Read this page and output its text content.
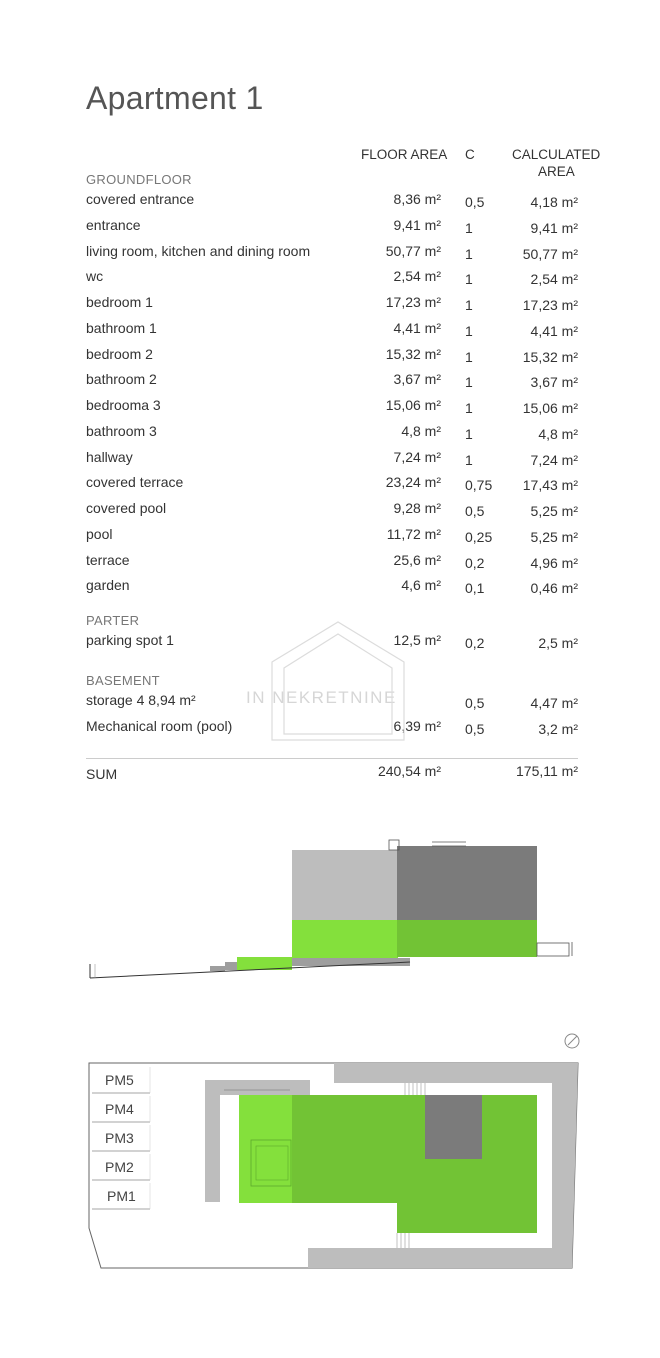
Apartment 1
FLOOR AREA C	CALCULATED
AREA
GROUNDFLOOR
PARTER
BASEMENT
covered entrance	8,36 m² 0,5	4,18 m²
entrance	9,41 m² 1	9,41 m²
living room, kitchen and dining room	50,77 m² 1	50,77 m²
wc	2,54 m² 1	2,54 m²
bedroom 1	17,23 m² 1	17,23 m²
bathroom 1	4,41 m² 1	4,41 m²
bedroom 2	15,32 m² 1	15,32 m²
bathroom 2	3,67 m² 1	3,67 m²
bedrooma 3	15,06 m² 1	15,06 m²
bathroom 3	4,8 m² 1	4,8 m²
hallway	7,24 m² 1	7,24 m²
covered terrace	23,24 m² 0,75 17,43 m²
covered pool	9,28 m² 0,5	5,25 m²
pool	11,72 m² 0,25	5,25 m²
terrace	25,6 m² 0,2	4,96 m²
garden	4,6 m² 0,1	0,46 m²
parking spot 1	12,5 m² 0,2	2,5 m²
storage 4 8,94 m²	0,5	4,47 m²
Mechanical room (pool)	6,39 m² 0,5	3,2 m²
IN NEKRETNINE
SUM	240,54 m²	175,11 m²
PM5
PM4
PM3
PM2
PM1
